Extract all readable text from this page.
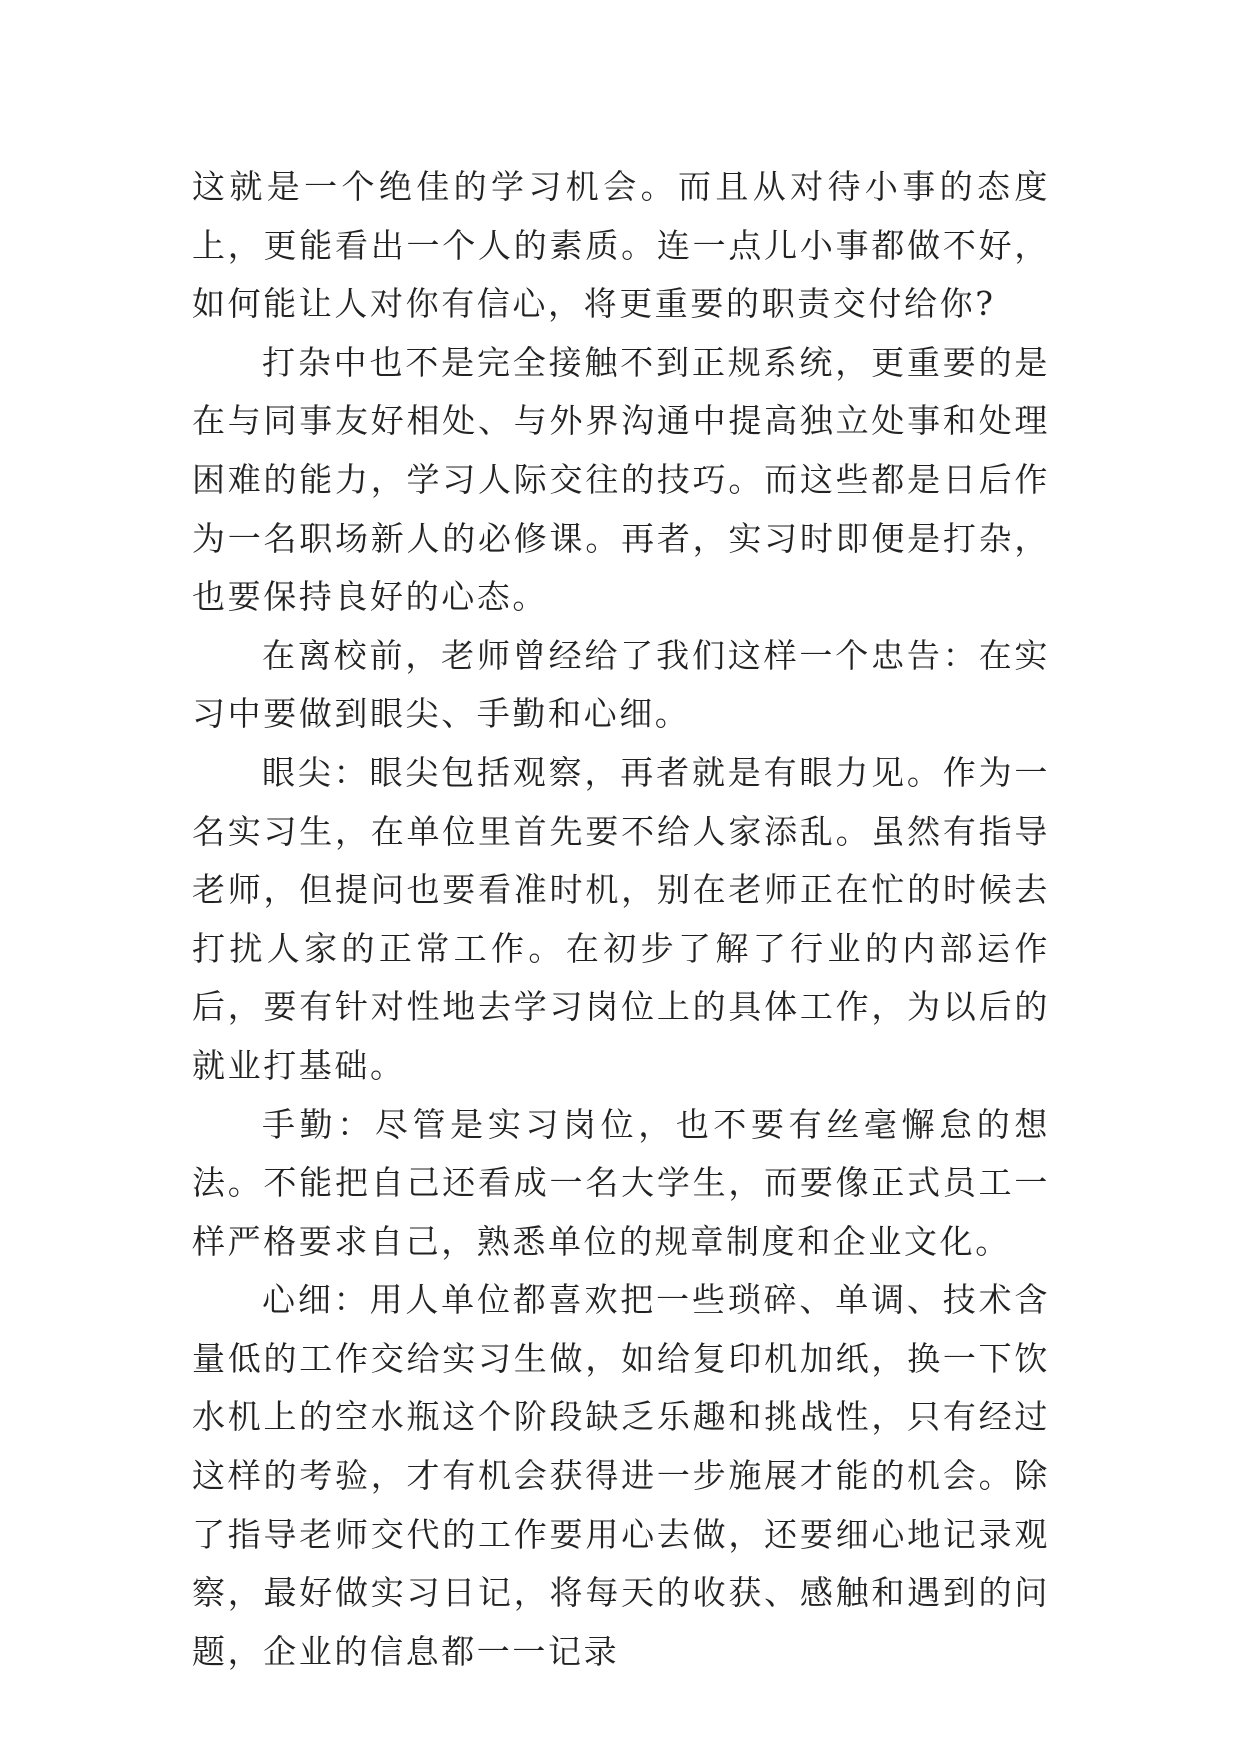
这就是一个绝佳的学习机会。而且从对待小事的态度上，更能看出一个人的素质。连一点儿小事都做不好，如何能让人对你有信心，将更重要的职责交付给你?

打杂中也不是完全接触不到正规系统，更重要的是在与同事友好相处、与外界沟通中提高独立处事和处理困难的能力，学习人际交往的技巧。而这些都是日后作为一名职场新人的必修课。再者，实习时即便是打杂，也要保持良好的心态。

在离校前，老师曾经给了我们这样一个忠告：在实习中要做到眼尖、手勤和心细。

眼尖：眼尖包括观察，再者就是有眼力见。作为一名实习生，在单位里首先要不给人家添乱。虽然有指导老师，但提问也要看准时机，别在老师正在忙的时候去打扰人家的正常工作。在初步了解了行业的内部运作后，要有针对性地去学习岗位上的具体工作，为以后的就业打基础。

手勤：尽管是实习岗位，也不要有丝毫懈怠的想法。不能把自己还看成一名大学生，而要像正式员工一样严格要求自己，熟悉单位的规章制度和企业文化。

心细：用人单位都喜欢把一些琐碎、单调、技术含量低的工作交给实习生做，如给复印机加纸，换一下饮水机上的空水瓶这个阶段缺乏乐趣和挑战性，只有经过这样的考验，才有机会获得进一步施展才能的机会。除了指导老师交代的工作要用心去做，还要细心地记录观察，最好做实习日记，将每天的收获、感触和遇到的问题，企业的信息都一一记录
